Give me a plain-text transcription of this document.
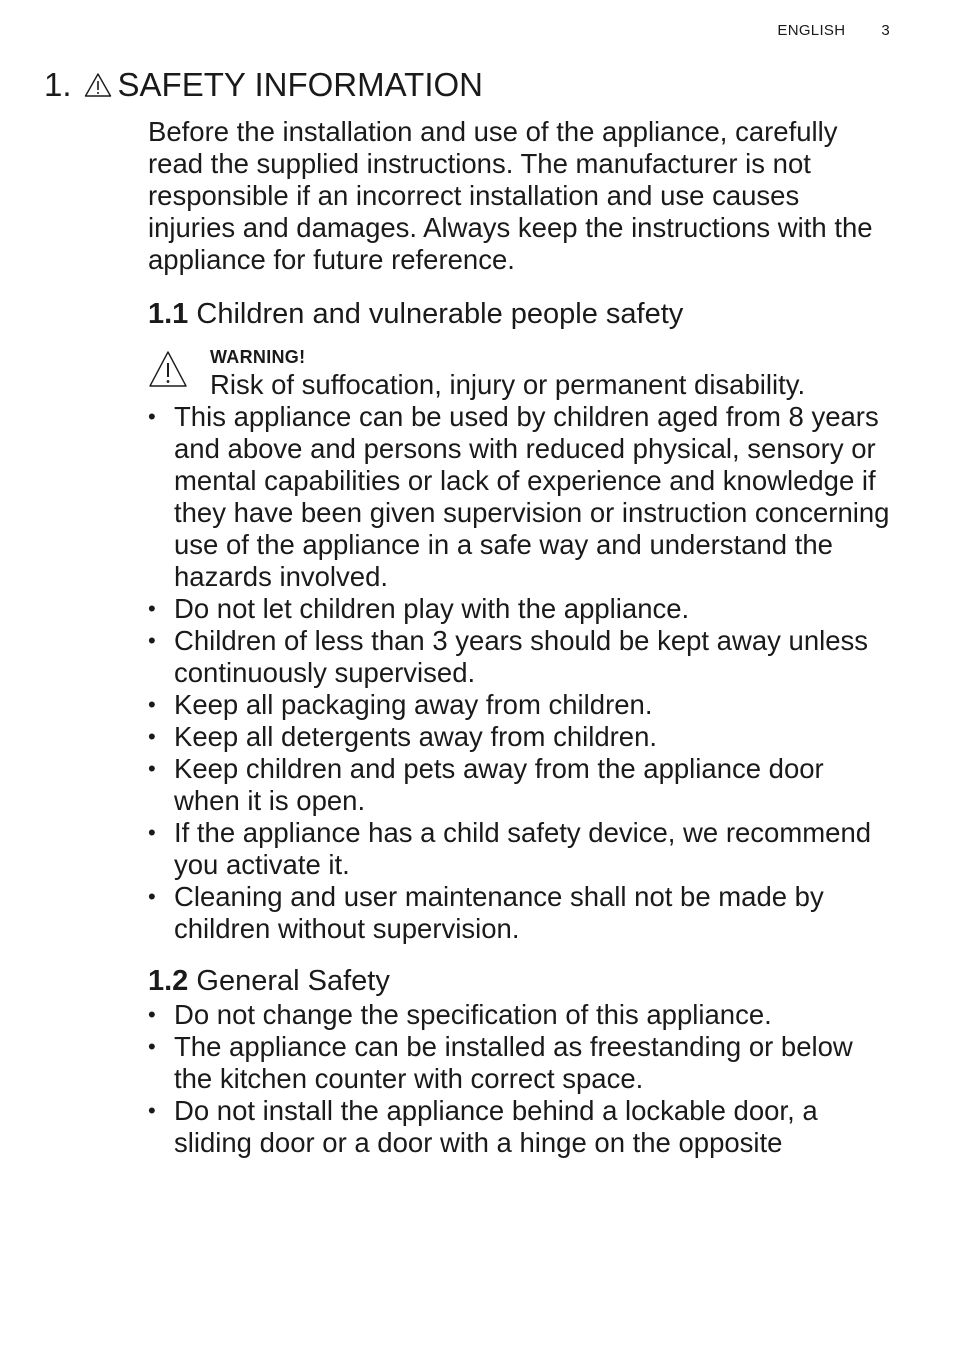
ENGLISH 3
1. SAFETY INFORMATION

Before the installation and use of the appliance, carefully read the supplied instructions. The manufacturer is not responsible if an incorrect installation and use causes injuries and damages. Always keep the instructions with the appliance for future reference.

1.1 Children and vulnerable people safety
WARNING!
Risk of suffocation, injury or permanent disability.
• This appliance can be used by children aged from 8 years and above and persons with reduced physical, sensory or mental capabilities or lack of experience and knowledge if they have been given supervision or instruction concerning use of the appliance in a safe way and understand the hazards involved.
• Do not let children play with the appliance.
• Children of less than 3 years should be kept away unless continuously supervised.
• Keep all packaging away from children.
• Keep all detergents away from children.
• Keep children and pets away from the appliance door when it is open.
• If the appliance has a child safety device, we recommend you activate it.
• Cleaning and user maintenance shall not be made by children without supervision.
1.2 General Safety
• Do not change the specification of this appliance.
• The appliance can be installed as freestanding or below the kitchen counter with correct space.
• Do not install the appliance behind a lockable door, a sliding door or a door with a hinge on the opposite
